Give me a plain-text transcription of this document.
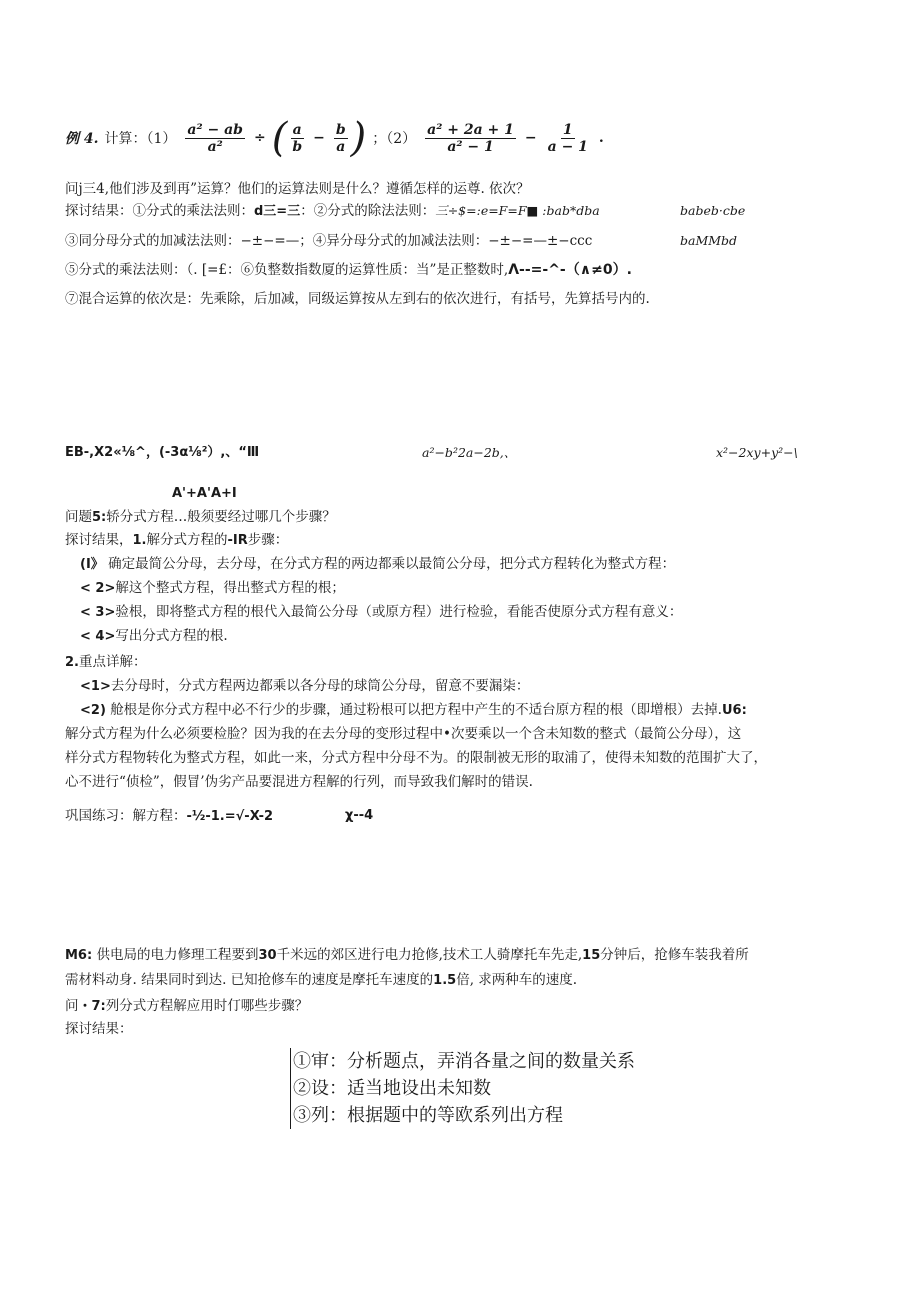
例 4. 计算：$(1) \frac{\text{a² − ab}}{\text{a²}}$ ÷ ( $\frac{a}{b} - \frac{b}{a}$ ) ；$(2) \frac{\text{a² + 2a + 1}}{\text{a² − 1}} - \frac{1}{a - 1}$ .
问j三4,他们涉及到再”运算？他们的运算法则是什么？遵循怎样的运尊. 依次？
探讨结果：①分式的乘法法则：d三=三：②分式的除法法则：三÷$=:e=F=F■ :bab*dba	babeb·cbe
③同分母分式的加减法法则：−±−=—；④异分母分式的加减法法则：−±−=—±−ccc	baMMbd
⑤分式的乘法法则：（. [=£：⑥负整数指数厦的运算性质：当”是正整数时,Λ--=-^-（∧≠0）.
⑦混合运算的依次是：先乘除，后加减，同级运算按从左到右的依次进行，有括号，先算括号内的.
EB-,X2«⅛^，(-3α⅛²）,、“Ⅲ	a²−b²2a−2b,、	x²−2xy+y²−\
A'+A'A+I
问题5:轿分式方程…般须要经过哪几个步骤？
探讨结果，1.解分式方程的-IR步骤：
(I》 确定最简公分母，去分母，在分式方程的两边都乘以最简公分母，把分式方程转化为整式方程：
< 2>解这个整式方程，得出整式方程的根；
< 3>验根，即将整式方程的根代入最简公分母（或原方程）进行检验，看能否使原分式方程有意义：
< 4>写出分式方程的根.
2.重点详解：
<1>去分母时，分式方程两边都乘以各分母的球筒公分母，留意不要漏柒：
<2) 舱根是你分式方程中必不行少的步骤，通过粉根可以把方程中产生的不适台原方程的根（即增根）去掉.U6:
解分式方程为什么必须要检脸？因为我的在去分母的变形过程中•次要乘以一个含未知数的整式（最简公分母），这
样分式方程物转化为整式方程，如此一来，分式方程中分母不为。的限制被无形的取浦了，使得未知数的范围扩大了，
心不进行“侦检”，假冒’伪劣产品要混进方程解的行列，而导致我们解时的错误.
巩国练习：解方程：-½-1.=√-X-2	χ--4
M6: 供电局的电力修理工程要到30千米远的郊区进行电力抢修,技术工人骑摩托车先走,15分钟后，抢修车装我着所
需材料动身. 结果同时到达. 已知抢修车的速度是摩托车速度的1.5倍, 求两种车的速度.
问・7:列分式方程解应用时仃哪些步骤？
探讨结果：
①审：分析题点，弄消各量之间的数量关系
②设：适当地设出未知数
③列：根据题中的等欧系列出方程
